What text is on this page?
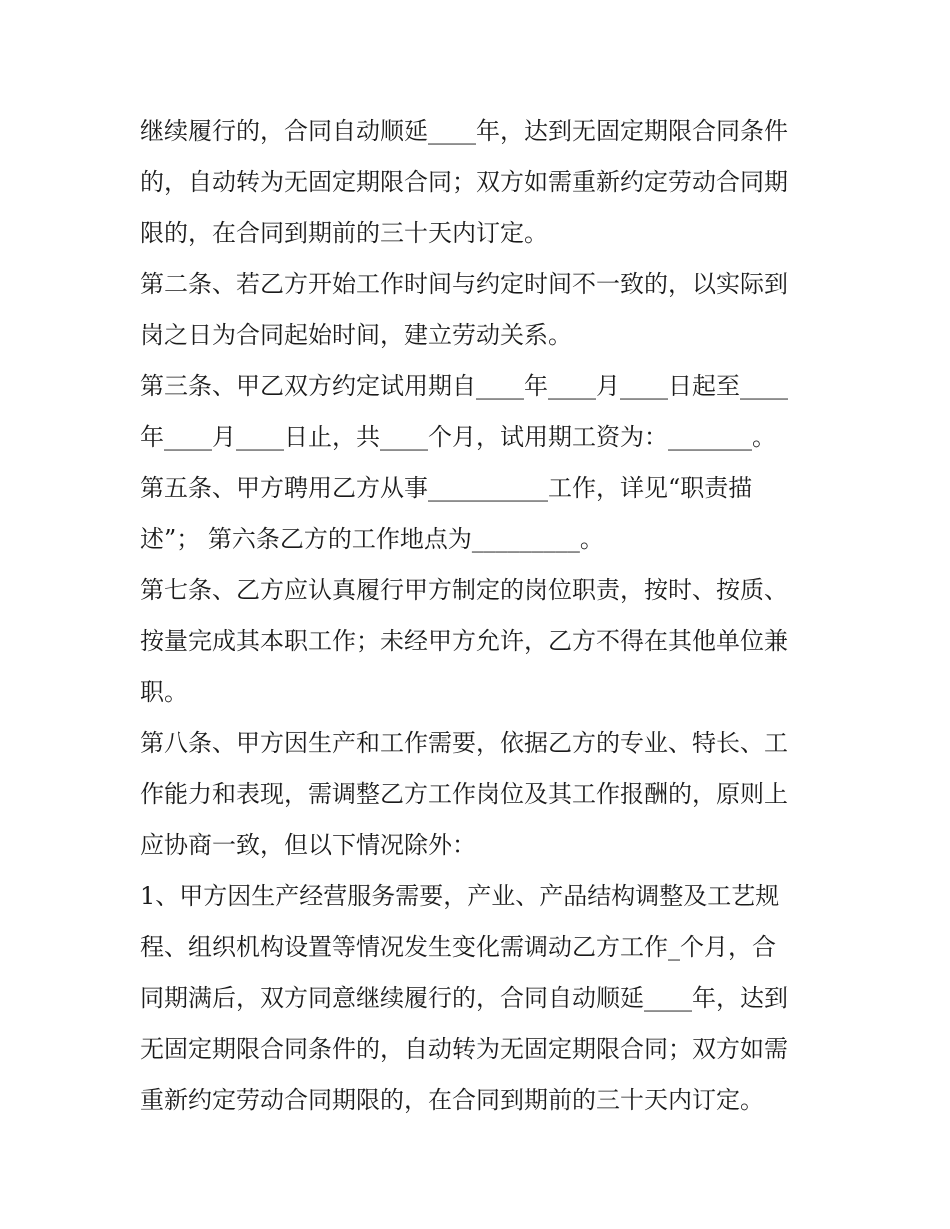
继续履行的，合同自动顺延____年，达到无固定期限合同条件
的，自动转为无固定期限合同；双方如需重新约定劳动合同期
限的，在合同到期前的三十天内订定。
第二条、若乙方开始工作时间与约定时间不一致的，以实际到
岗之日为合同起始时间，建立劳动关系。
第三条、甲乙双方约定试用期自____年____月____日起至____
年____月____日止，共____个月，试用期工资为：_______。
第五条、甲方聘用乙方从事__________工作，详见“职责描
述”； 第六条乙方的工作地点为_________。
第七条、乙方应认真履行甲方制定的岗位职责，按时、按质、
按量完成其本职工作；未经甲方允许，乙方不得在其他单位兼
职。
第八条、甲方因生产和工作需要，依据乙方的专业、特长、工
作能力和表现，需调整乙方工作岗位及其工作报酬的，原则上
应协商一致，但以下情况除外：
1、甲方因生产经营服务需要，产业、产品结构调整及工艺规
程、组织机构设置等情况发生变化需调动乙方工作_个月，合
同期满后，双方同意继续履行的，合同自动顺延____年，达到
无固定期限合同条件的，自动转为无固定期限合同；双方如需
重新约定劳动合同期限的，在合同到期前的三十天内订定。
